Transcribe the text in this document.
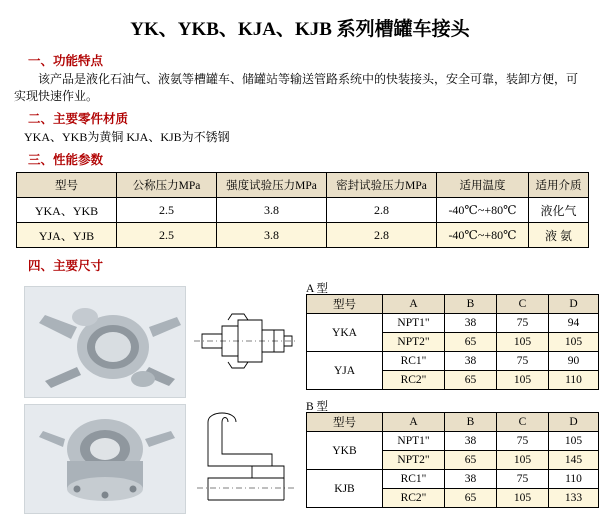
YK、YKB、KJA、KJB 系列槽罐车接头
一、功能特点
该产品是液化石油气、液氨等槽罐车、储罐站等输送管路系统中的快装接头，安全可靠，装卸方便，可实现快速作业。
二、主要零件材质
YKA、YKB为黄铜 KJA、KJB为不锈钢
三、性能参数
型号	公称压力MPa	强度试验压力MPa	密封试验压力MPa	适用温度	适用介质
YKA、YKB	2.5	3.8	2.8	-40℃~+80℃	液化气
YJA、YJB	2.5	3.8	2.8	-40℃~+80℃	液 氨
四、主要尺寸
A 型
型号	A	B	C	D
YKA	NPT1"	38	75	94
	NPT2"	65	105	105
YJA	RC1"	38	75	90
	RC2"	65	105	110
B 型
型号	A	B	C	D
YKB	NPT1"	38	75	105
	NPT2"	65	105	145
KJB	RC1"	38	75	110
	RC2"	65	105	133
